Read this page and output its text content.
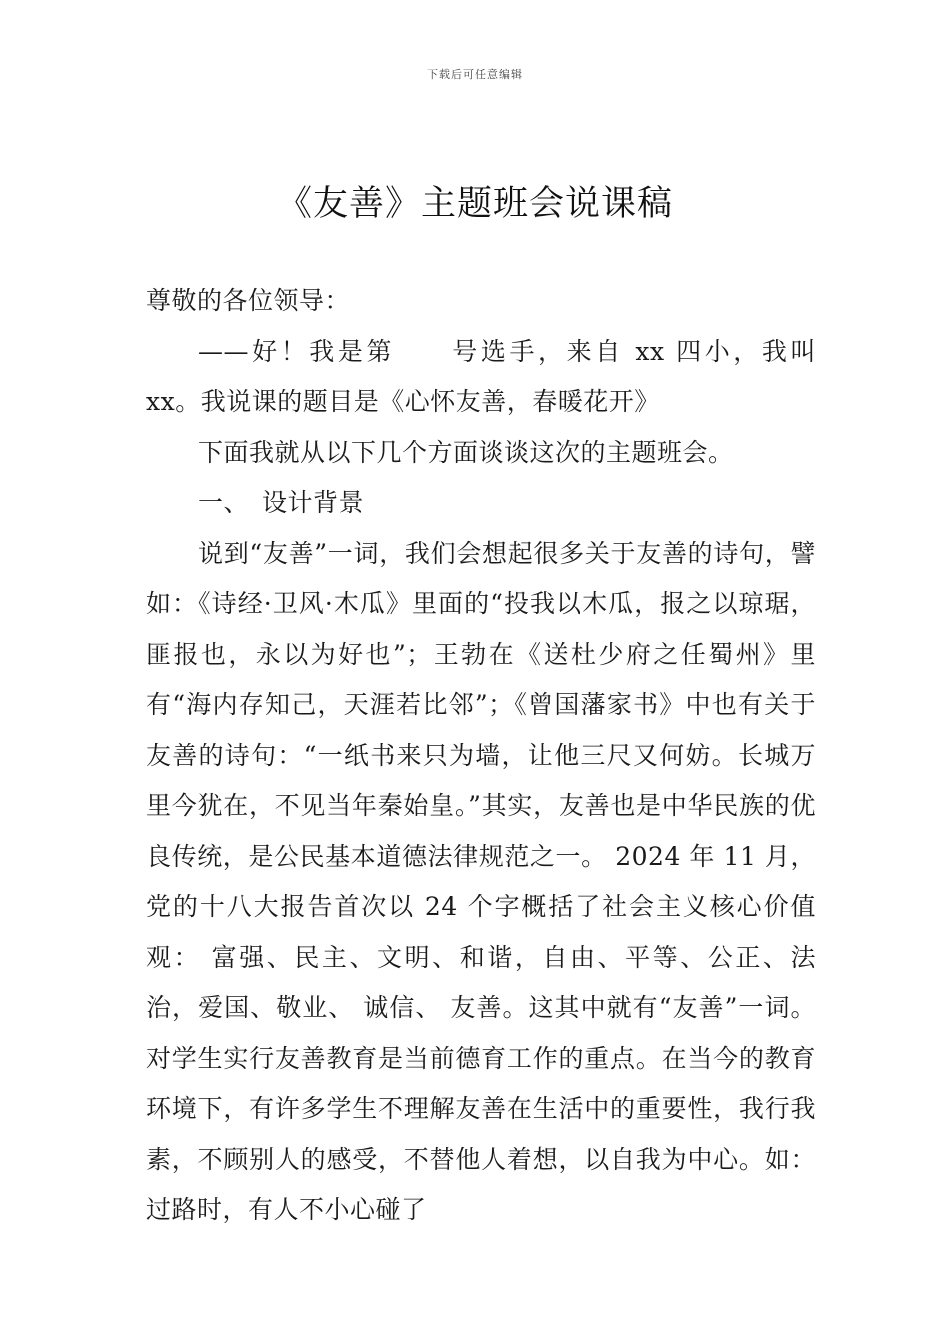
下载后可任意编辑
《友善》主题班会说课稿

尊敬的各位领导：

——好！我是第　　号选手，来自 xx 四小，我叫 xx。我说课的题目是《心怀友善，春暖花开》

下面我就从以下几个方面谈谈这次的主题班会。

一、　设计背景

说到“友善”一词，我们会想起很多关于友善的诗句，譬如：《诗经·卫风·木瓜》里面的“投我以木瓜，报之以琼琚，匪报也，永以为好也”；王勃在《送杜少府之任蜀州》里有“海内存知己，天涯若比邻”；《曾国藩家书》中也有关于友善的诗句：“一纸书来只为墙，让他三尺又何妨。长城万里今犹在，不见当年秦始皇。”其实，友善也是中华民族的优良传统，是公民基本道德法律规范之一。 2024 年 11 月，党的十八大报告首次以 24 个字概括了社会主义核心价值观： 富强、民主、文明、和谐，自由、平等、公正、法治，爱国、敬业、 诚信、 友善。这其中就有“友善”一词。对学生实行友善教育是当前德育工作的重点。在当今的教育环境下，有许多学生不理解友善在生活中的重要性，我行我素，不顾别人的感受，不替他人着想，以自我为中心。如：过路时，有人不小心碰了
